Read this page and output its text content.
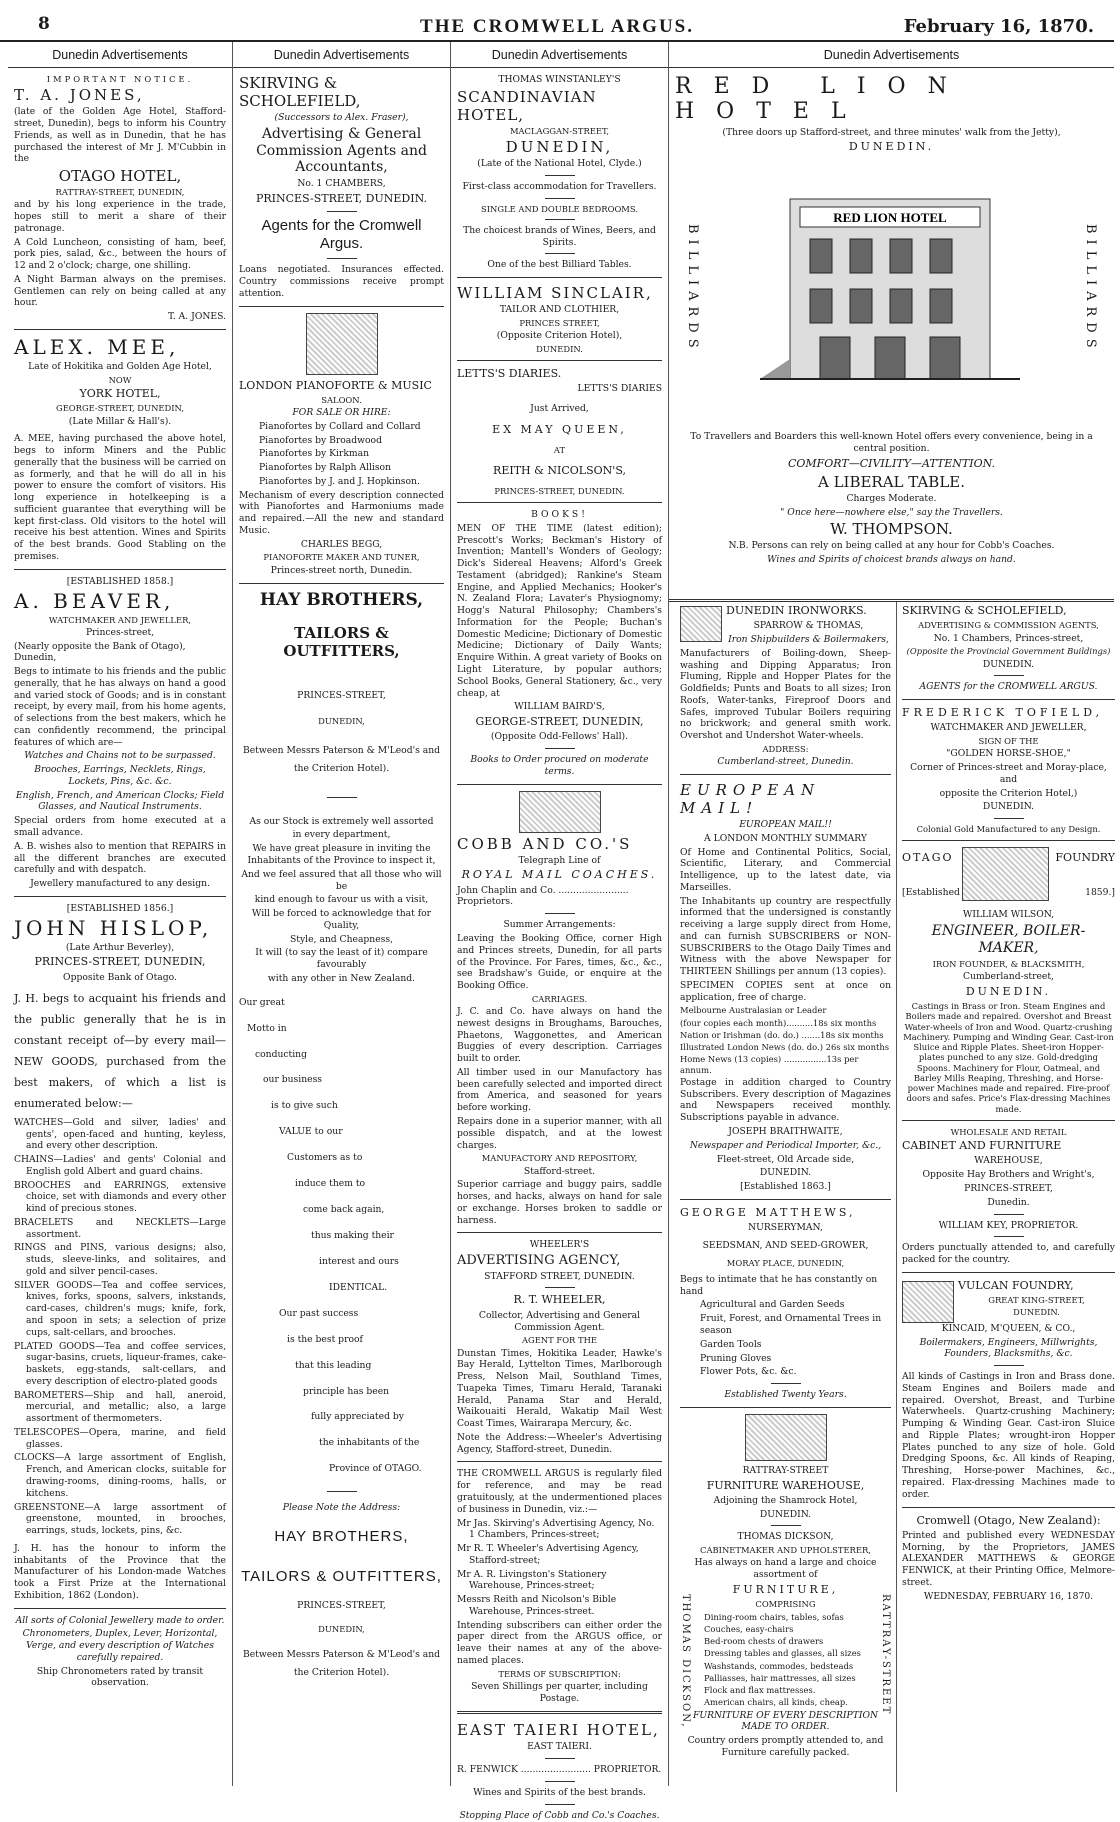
8	THE CROMWELL ARGUS.	February 16, 1870.
Dunedin Advertisements

IMPORTANT NOTICE.

T. A. JONES,

(late of the Golden Age Hotel, Stafford-street, Dunedin), begs to inform his Country Friends, as well as in Dunedin, that he has purchased the interest of Mr J. M'Cubbin in the

OTAGO HOTEL,

RATTRAY-STREET, DUNEDIN,

and by his long experience in the trade, hopes still to merit a share of their patronage.

A Cold Luncheon, consisting of ham, beef, pork pies, salad, &c., between the hours of 12 and 2 o'clock; charge, one shilling.

A Night Barman always on the premises. Gentlemen can rely on being called at any hour.

T. A. JONES.

ALEX. MEE,

Late of Hokitika and Golden Age Hotel,

NOW

YORK HOTEL,

GEORGE-STREET, DUNEDIN,

(Late Millar & Hall's).

A. MEE, having purchased the above hotel, begs to inform Miners and the Public generally that the business will be carried on as formerly, and that he will do all in his power to ensure the comfort of visitors. His long experience in hotelkeeping is a sufficient guarantee that everything will be kept first-class. Old visitors to the hotel will receive his best attention. Wines and Spirits of the best brands. Good Stabling on the premises.

[ESTABLISHED 1858.]

A. BEAVER,

WATCHMAKER AND JEWELLER,

Princes-street,

(Nearly opposite the Bank of Otago), Dunedin,

Begs to intimate to his friends and the public generally, that he has always on hand a good and varied stock of Goods; and is in constant receipt, by every mail, from his home agents, of selections from the best makers, which he can confidently recommend, the principal features of which are—

Watches and Chains not to be surpassed.

Brooches, Earrings, Necklets, Rings, Lockets, Pins, &c. &c.

English, French, and American Clocks; Field Glasses, and Nautical Instruments.

Special orders from home executed at a small advance.

A. B. wishes also to mention that REPAIRS in all the different branches are executed carefully and with despatch.

Jewellery manufactured to any design.

[ESTABLISHED 1856.]

JOHN HISLOP,

(Late Arthur Beverley),

PRINCES-STREET, DUNEDIN,

Opposite Bank of Otago.

J. H. begs to acquaint his friends and the public generally that he is in constant receipt of—by every mail—NEW GOODS, purchased from the best makers, of which a list is enumerated below:—

WATCHES—Gold and silver, ladies' and gents', open-faced and hunting, keyless, and every other description.

CHAINS—Ladies' and gents' Colonial and English gold Albert and guard chains.

BROOCHES and EARRINGS, extensive choice, set with diamonds and every other kind of precious stones.

BRACELETS and NECKLETS—Large assortment.

RINGS and PINS, various designs; also, studs, sleeve-links, and solitaires, and gold and silver pencil-cases.

SILVER GOODS—Tea and coffee services, knives, forks, spoons, salvers, inkstands, card-cases, children's mugs; knife, fork, and spoon in sets; a selection of prize cups, salt-cellars, and brooches.

PLATED GOODS—Tea and coffee services, sugar-basins, cruets, liqueur-frames, cake-baskets, egg-stands, salt-cellars, and every description of electro-plated goods

BAROMETERS—Ship and hall, aneroid, mercurial, and metallic; also, a large assortment of thermometers.

TELESCOPES—Opera, marine, and field glasses.

CLOCKS—A large assortment of English, French, and American clocks, suitable for drawing-rooms, dining-rooms, halls, or kitchens.

GREENSTONE—A large assortment of greenstone, mounted, in brooches, earrings, studs, lockets, pins, &c.

J. H. has the honour to inform the inhabitants of the Province that the Manufacturer of his London-made Watches took a First Prize at the International Exhibition, 1862 (London).

All sorts of Colonial Jewellery made to order.

Chronometers, Duplex, Lever, Horizontal, Verge, and every description of Watches carefully repaired.

Ship Chronometers rated by transit observation.

Dunedin Advertisements

SKIRVING & SCHOLEFIELD,

(Successors to Alex. Fraser),

Advertising & General Commission Agents and Accountants,

No. 1 CHAMBERS,

PRINCES-STREET, DUNEDIN.

Agents for the Cromwell Argus.

Loans negotiated. Insurances effected. Country commissions receive prompt attention.

LONDON PIANOFORTE & MUSIC

SALOON.

FOR SALE OR HIRE:

Pianofortes by Collard and Collard

Pianofortes by Broadwood

Pianofortes by Kirkman

Pianofortes by Ralph Allison

Pianofortes by J. and J. Hopkinson.

Mechanism of every description connected with Pianofortes and Harmoniums made and repaired.—All the new and standard Music.

CHARLES BEGG,

PIANOFORTE MAKER AND TUNER,

Princes-street north, Dunedin.

HAY BROTHERS,

TAILORS & OUTFITTERS,

PRINCES-STREET,

DUNEDIN,

Between Messrs Paterson & M'Leod's and the Criterion Hotel).

As our Stock is extremely well assorted

in every department,

We have great pleasure in inviting the Inhabitants of the Province to inspect it,

And we feel assured that all those who will be

kind enough to favour us with a visit,

Will be forced to acknowledge that for Quality,

Style, and Cheapness,

It will (to say the least of it) compare favourably

with any other in New Zealand.

Our great

Motto in

conducting

our business

is to give such

VALUE to our

Customers as to

induce them to

come back again,

thus making their

interest and ours

IDENTICAL.

Our past success

is the best proof

that this leading

principle has been

fully appreciated by

the inhabitants of the

Province of OTAGO.

Please Note the Address:

HAY BROTHERS,

TAILORS & OUTFITTERS,

PRINCES-STREET,

DUNEDIN,

Between Messrs Paterson & M'Leod's and the Criterion Hotel).

Dunedin Advertisements

THOMAS WINSTANLEY'S

SCANDINAVIAN HOTEL,

MACLAGGAN-STREET,

DUNEDIN,

(Late of the National Hotel, Clyde.)

First-class accommodation for Travellers.

SINGLE AND DOUBLE BEDROOMS.

The choicest brands of Wines, Beers, and Spirits.

One of the best Billiard Tables.

WILLIAM SINCLAIR,

TAILOR AND CLOTHIER,

PRINCES STREET,

(Opposite Criterion Hotel),

DUNEDIN.

LETTS'S DIARIES.

LETTS'S DIARIES

Just Arrived,

EX MAY QUEEN,

AT

REITH & NICOLSON'S,

PRINCES-STREET, DUNEDIN.

BOOKS!

MEN OF THE TIME (latest edition); Prescott's Works; Beckman's History of Invention; Mantell's Wonders of Geology; Dick's Sidereal Heavens; Alford's Greek Testament (abridged); Rankine's Steam Engine, and Applied Mechanics; Hooker's N. Zealand Flora; Lavater's Physiognomy; Hogg's Natural Philosophy; Chambers's Information for the People; Buchan's Domestic Medicine; Dictionary of Domestic Medicine; Dictionary of Daily Wants; Enquire Within. A great variety of Books on Light Literature, by popular authors; School Books, General Stationery, &c., very cheap, at

WILLIAM BAIRD'S,

GEORGE-STREET, DUNEDIN,

(Opposite Odd-Fellows' Hall).

Books to Order procured on moderate terms.

COBB AND CO.'S

Telegraph Line of

ROYAL MAIL COACHES.

John Chaplin and Co. ........................ Proprietors.

Summer Arrangements:

Leaving the Booking Office, corner High and Princes streets, Dunedin, for all parts of the Province. For Fares, times, &c., &c., see Bradshaw's Guide, or enquire at the Booking Office.

CARRIAGES.

J. C. and Co. have always on hand the newest designs in Broughams, Barouches, Phaetons, Waggonettes, and American Buggies of every description. Carriages built to order.

All timber used in our Manufactory has been carefully selected and imported direct from America, and seasoned for years before working.

Repairs done in a superior manner, with all possible dispatch, and at the lowest charges.

MANUFACTORY AND REPOSITORY,

Stafford-street.

Superior carriage and buggy pairs, saddle horses, and hacks, always on hand for sale or exchange. Horses broken to saddle or harness.

WHEELER'S

ADVERTISING AGENCY,

STAFFORD STREET, DUNEDIN.

R. T. WHEELER,

Collector, Advertising and General Commission Agent.

AGENT FOR THE

Dunstan Times, Hokitika Leader, Hawke's Bay Herald, Lyttelton Times, Marlborough Press, Nelson Mail, Southland Times, Tuapeka Times, Timaru Herald, Taranaki Herald, Panama Star and Herald, Waikouaiti Herald, Wakatip Mail West Coast Times, Wairarapa Mercury, &c.

Note the Address:—Wheeler's Advertising Agency, Stafford-street, Dunedin.

THE CROMWELL ARGUS is regularly filed for reference, and may be read gratuitously, at the undermentioned places of business in Dunedin, viz.:—

Mr Jas. Skirving's Advertising Agency, No. 1 Chambers, Princes-street;

Mr R. T. Wheeler's Advertising Agency, Stafford-street;

Mr A. R. Livingston's Stationery Warehouse, Princes-street;

Messrs Reith and Nicolson's Bible Warehouse, Princes-street.

Intending subscribers can either order the paper direct from the ARGUS office, or leave their names at any of the above-named places.

TERMS OF SUBSCRIPTION:

Seven Shillings per quarter, including Postage.

EAST TAIERI HOTEL,

EAST TAIERI.

R. FENWICK ........................ PROPRIETOR.

Wines and Spirits of the best brands.

Stopping Place of Cobb and Co.'s Coaches.

Dunedin Advertisements

RED LION HOTEL

(Three doors up Stafford-street, and three minutes' walk from the Jetty),

DUNEDIN.

BILLIARDS	BILLIARDS
RED LION HOTEL

To Travellers and Boarders this well-known Hotel offers every convenience, being in a central position.

COMFORT—CIVILITY—ATTENTION.

A LIBERAL TABLE.

Charges Moderate.

" Once here—nowhere else," say the Travellers.

W. THOMPSON.

N.B. Persons can rely on being called at any hour for Cobb's Coaches.

Wines and Spirits of choicest brands always on hand.

DUNEDIN IRONWORKS.

SPARROW & THOMAS,

Iron Shipbuilders & Boilermakers,

Manufacturers of Boiling-down, Sheep-washing and Dipping Apparatus; Iron Fluming, Ripple and Hopper Plates for the Goldfields; Punts and Boats to all sizes; Iron Roofs, Water-tanks, Fireproof Doors and Safes, improved Tubular Boilers requiring no brickwork; and general smith work. Overshot and Undershot Water-wheels.

ADDRESS:

Cumberland-street, Dunedin.

EUROPEAN MAIL!

EUROPEAN MAIL!!

A LONDON MONTHLY SUMMARY

Of Home and Continental Politics, Social, Scientific, Literary, and Commercial Intelligence, up to the latest date, via Marseilles.

The Inhabitants up country are respectfully informed that the undersigned is constantly receiving a large supply direct from Home, and can furnish SUBSCRIBERS or NON-SUBSCRIBERS to the Otago Daily Times and Witness with the above Newspaper for THIRTEEN Shillings per annum (13 copies).

SPECIMEN COPIES sent at once on application, free of charge.

Melbourne Australasian or Leader

(four copies each month)..........18s six months

Nation or Irishman (do. do.) .......18s six months

Illustrated London News (do. do.) 26s six months

Home News (13 copies) ................13s per annum.

Postage in addition charged to Country Subscribers. Every description of Magazines and Newspapers received monthly. Subscriptions payable in advance.

JOSEPH BRAITHWAITE,

Newspaper and Periodical Importer, &c.,

Fleet-street, Old Arcade side,

DUNEDIN.

[Established 1863.]

GEORGE MATTHEWS,

NURSERYMAN,

SEEDSMAN, AND SEED-GROWER,

MORAY PLACE, DUNEDIN,

Begs to intimate that he has constantly on hand

Agricultural and Garden Seeds

Fruit, Forest, and Ornamental Trees in season

Garden Tools

Pruning Gloves

Flower Pots, &c. &c.

Established Twenty Years.

RATTRAY-STREET

FURNITURE WAREHOUSE,

Adjoining the Shamrock Hotel,

DUNEDIN.

THOMAS DICKSON,

CABINETMAKER AND UPHOLSTERER,

Has always on hand a large and choice assortment of

FURNITURE,

COMPRISING

Dining-room chairs, tables, sofas

Couches, easy-chairs

Bed-room chests of drawers

Dressing tables and glasses, all sizes

Washstands, commodes, bedsteads

Palliasses, hair mattresses, all sizes

Flock and flax mattresses.

American chairs, all kinds, cheap.

FURNITURE OF EVERY DESCRIPTION MADE TO ORDER.

Country orders promptly attended to, and Furniture carefully packed.

THOMAS DICKSON,	RATTRAY-STREET

SKIRVING & SCHOLEFIELD,

ADVERTISING & COMMISSION AGENTS,

No. 1 Chambers, Princes-street,

(Opposite the Provincial Government Buildings)

DUNEDIN.

AGENTS for the CROMWELL ARGUS.

FREDERICK TOFIELD,

WATCHMAKER AND JEWELLER,

SIGN OF THE

"GOLDEN HORSE-SHOE,"

Corner of Princes-street and Moray-place, and

opposite the Criterion Hotel,)

DUNEDIN.

Colonial Gold Manufactured to any Design.

OTAGO	FOUNDRY
[Established	1859.]

WILLIAM WILSON,

ENGINEER, BOILER-MAKER,

IRON FOUNDER, & BLACKSMITH,

Cumberland-street,

DUNEDIN.

Castings in Brass or Iron. Steam Engines and Boilers made and repaired. Overshot and Breast Water-wheels of Iron and Wood. Quartz-crushing Machinery. Pumping and Winding Gear. Cast-iron Sluice and Ripple Plates. Sheet-iron Hopper-plates punched to any size. Gold-dredging Spoons. Machinery for Flour, Oatmeal, and Barley Mills Reaping, Threshing, and Horse-power Machines made and repaired. Fire-proof doors and safes. Price's Flax-dressing Machines made.

WHOLESALE AND RETAIL

CABINET AND FURNITURE

WAREHOUSE,

Opposite Hay Brothers and Wright's,

PRINCES-STREET,

Dunedin.

WILLIAM KEY, PROPRIETOR.

Orders punctually attended to, and carefully packed for the country.

VULCAN FOUNDRY,

GREAT KING-STREET,

DUNEDIN.

KINCAID, M'QUEEN, & CO.,

Boilermakers, Engineers, Millwrights, Founders, Blacksmiths, &c.

All kinds of Castings in Iron and Brass done. Steam Engines and Boilers made and repaired. Overshot, Breast, and Turbine Waterwheels. Quartz-crushing Machinery; Pumping & Winding Gear. Cast-iron Sluice and Ripple Plates; wrought-iron Hopper Plates punched to any size of hole. Gold Dredging Spoons, &c. All kinds of Reaping, Threshing, Horse-power Machines, &c., repaired. Flax-dressing Machines made to order.

Cromwell (Otago, New Zealand):

Printed and published every WEDNESDAY Morning, by the Proprietors, JAMES ALEXANDER MATTHEWS & GEORGE FENWICK, at their Printing Office, Melmore-street.

WEDNESDAY, FEBRUARY 16, 1870.
